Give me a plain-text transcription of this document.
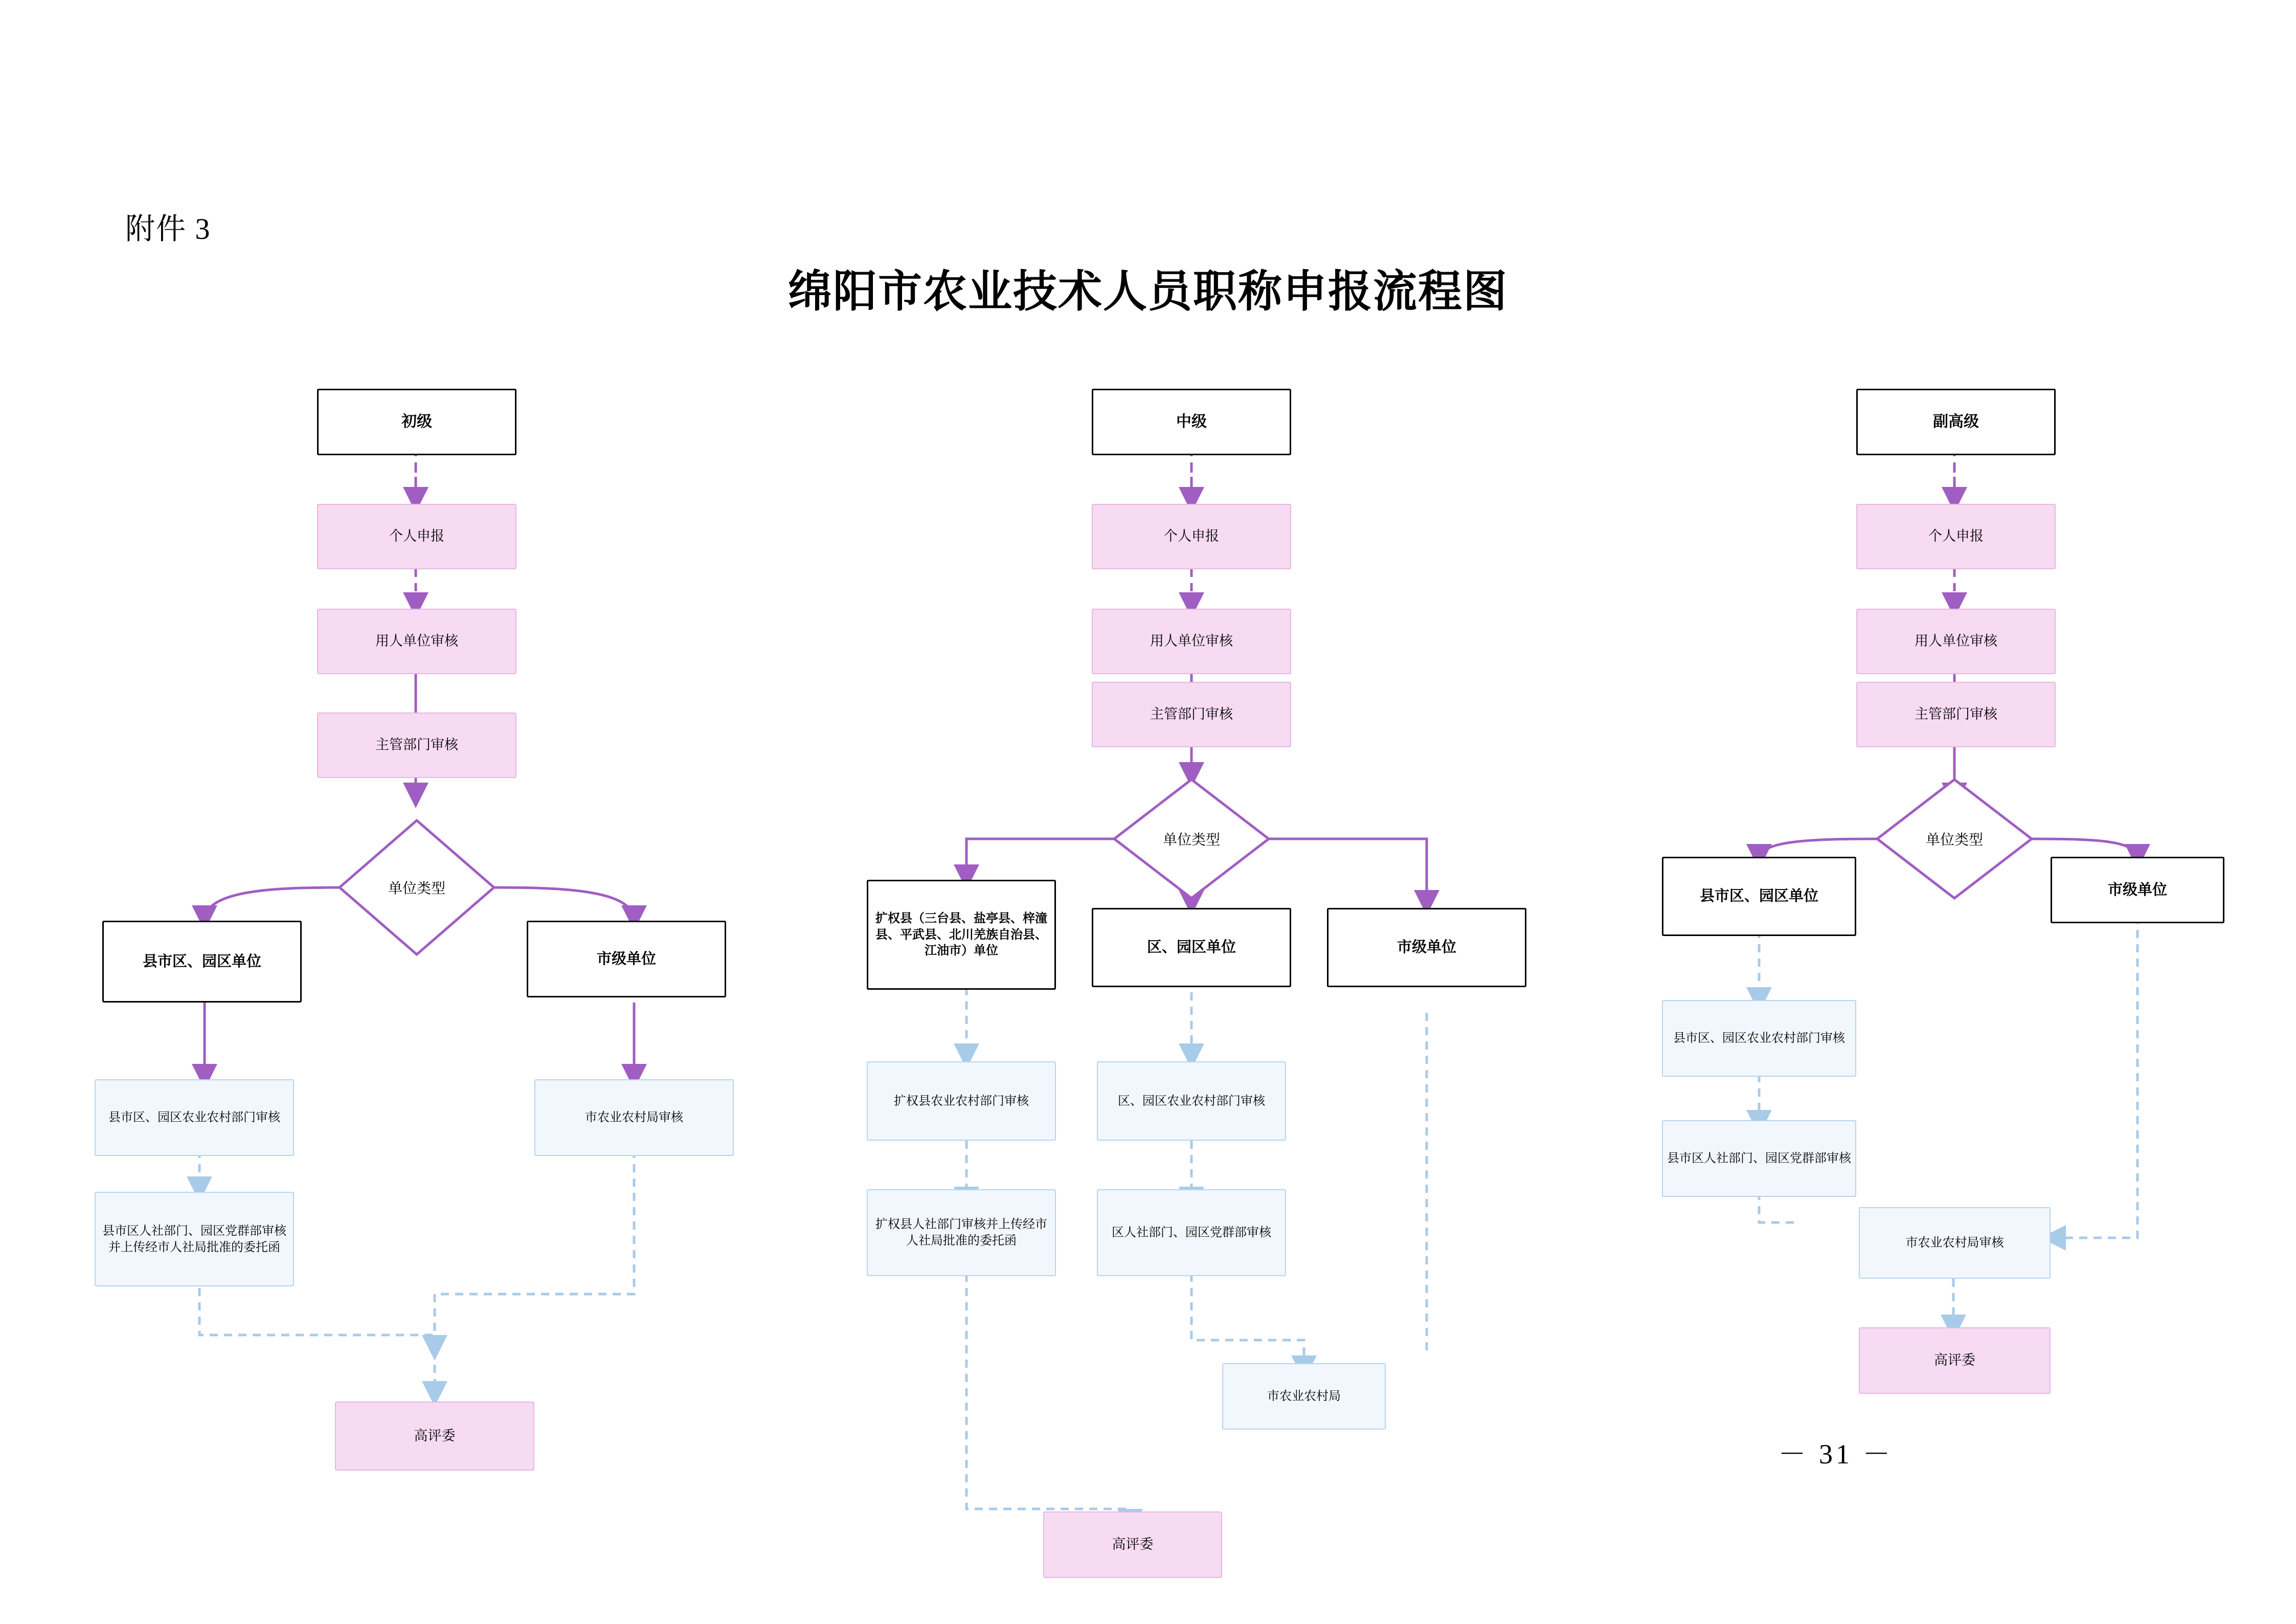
附件 3
绵阳市农业技术人员职称申报流程图
－ 31 －
初级
个人申报
用人单位审核
主管部门审核
单位类型
县市区、园区单位	市级单位
县市区、园区农业农村部门审核	市农业农村局审核
县市区人社部门、园区党群部审核并上传经市人社局批准的委托函
高评委
中级
个人申报
用人单位审核
主管部门审核
单位类型
扩权县（三台县、盐亭县、梓潼县、平武县、北川羌族自治县、江油市）单位	区、园区单位	市级单位
扩权县农业农村部门审核	区、园区农业农村部门审核
扩权县人社部门审核并上传经市人社局批准的委托函
区人社部门、园区党群部审核
市农业农村局
高评委
副高级
个人申报
用人单位审核
主管部门审核
单位类型
县市区、园区单位	市级单位
县市区、园区农业农村部门审核
县市区人社部门、园区党群部审核
市农业农村局审核
高评委
